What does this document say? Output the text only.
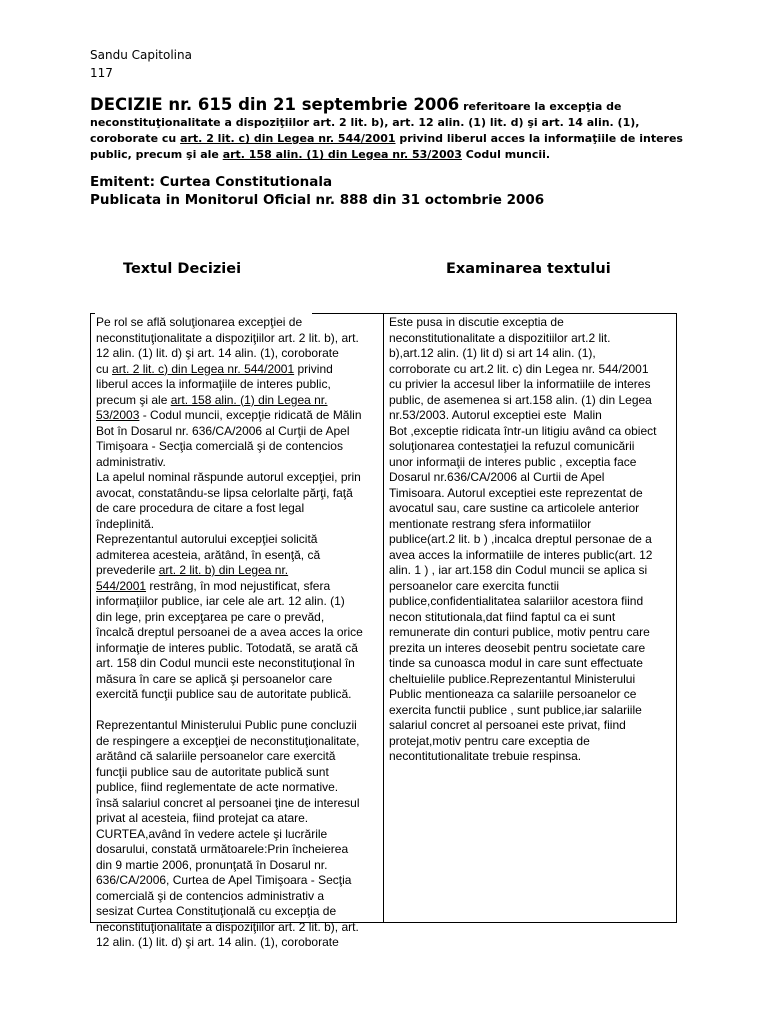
Sandu Capitolina
117
DECIZIE nr. 615 din 21 septembrie 2006 referitoare la excepţia de neconstituţionalitate a dispoziţiilor art. 2 lit. b), art. 12 alin. (1) lit. d) şi art. 14 alin. (1), coroborate cu art. 2 lit. c) din Legea nr. 544/2001 privind liberul acces la informaţiile de interes public, precum şi ale art. 158 alin. (1) din Legea nr. 53/2003 Codul muncii.
Emitent: Curtea Constitutionala
Publicata in Monitorul Oficial nr. 888 din 31 octombrie 2006
Textul Deciziei	Examinarea textului
Pe rol se află soluţionarea excepţiei de
neconstituţionalitate a dispoziţiilor art. 2 lit. b), art.
12 alin. (1) lit. d) şi art. 14 alin. (1), coroborate
cu art. 2 lit. c) din Legea nr. 544/2001 privind
liberul acces la informaţiile de interes public,
precum şi ale art. 158 alin. (1) din Legea nr.
53/2003 - Codul muncii, excepţie ridicată de Mălin
Bot în Dosarul nr. 636/CA/2006 al Curţii de Apel
Timişoara - Secţia comercială şi de contencios
administrativ.
La apelul nominal răspunde autorul excepţiei, prin
avocat, constatându-se lipsa celorlalte părţi, faţă
de care procedura de citare a fost legal
îndeplinită.
Reprezentantul autorului excepţiei solicită
admiterea acesteia, arătând, în esenţă, că
prevederile art. 2 lit. b) din Legea nr.
544/2001 restrâng, în mod nejustificat, sfera
informaţiilor publice, iar cele ale art. 12 alin. (1)
din lege, prin excepţarea pe care o prevăd,
încalcă dreptul persoanei de a avea acces la orice
informaţie de interes public. Totodată, se arată că
art. 158 din Codul muncii este neconstituţional în
măsura în care se aplică şi persoanelor care
exercită funcţii publice sau de autoritate publică.
Reprezentantul Ministerului Public pune concluzii
de respingere a excepţiei de neconstituţionalitate,
arătând că salariile persoanelor care exercită
funcţii publice sau de autoritate publică sunt
publice, fiind reglementate de acte normative.
însă salariul concret al persoanei ţine de interesul
privat al acesteia, fiind protejat ca atare.
CURTEA,având în vedere actele şi lucrările
dosarului, constată următoarele:Prin încheierea
din 9 martie 2006, pronunţată în Dosarul nr.
636/CA/2006, Curtea de Apel Timişoara - Secţia
comercială şi de contencios administrativ a
sesizat Curtea Constituţională cu excepţia de
neconstituţionalitate a dispoziţiilor art. 2 lit. b), art.
12 alin. (1) lit. d) şi art. 14 alin. (1), coroborate
Este pusa in discutie exceptia de
neconstitutionalitate a dispozitiilor art.2 lit.
b),art.12 alin. (1) lit d) si art 14 alin. (1),
corroborate cu art.2 lit. c) din Legea nr. 544/2001
cu privier la accesul liber la informatiile de interes
public, de asemenea si art.158 alin. (1) din Legea
nr.53/2003. Autorul exceptiei este  Malin
Bot ,exceptie ridicata într-un litigiu având ca obiect
soluţionarea contestaţiei la refuzul comunicării
unor informaţii de interes public , exceptia face
Dosarul nr.636/CA/2006 al Curtii de Apel
Timisoara. Autorul exceptiei este reprezentat de
avocatul sau, care sustine ca articolele anterior
mentionate restrang sfera informatiilor
publice(art.2 lit. b ) ,incalca dreptul personae de a
avea acces la informatiile de interes public(art. 12
alin. 1 ) , iar art.158 din Codul muncii se aplica si
persoanelor care exercita functii
publice,confidentialitatea salariilor acestora fiind
necon stitutionala,dat fiind faptul ca ei sunt
remunerate din conturi publice, motiv pentru care
prezita un interes deosebit pentru societate care
tinde sa cunoasca modul in care sunt effectuate
cheltuielile publice.Reprezentantul Ministerului
Public mentioneaza ca salariile persoanelor ce
exercita functii publice , sunt publice,iar salariile
salariul concret al persoanei este privat, fiind
protejat,motiv pentru care exceptia de
necontitutionalitate trebuie respinsa.
